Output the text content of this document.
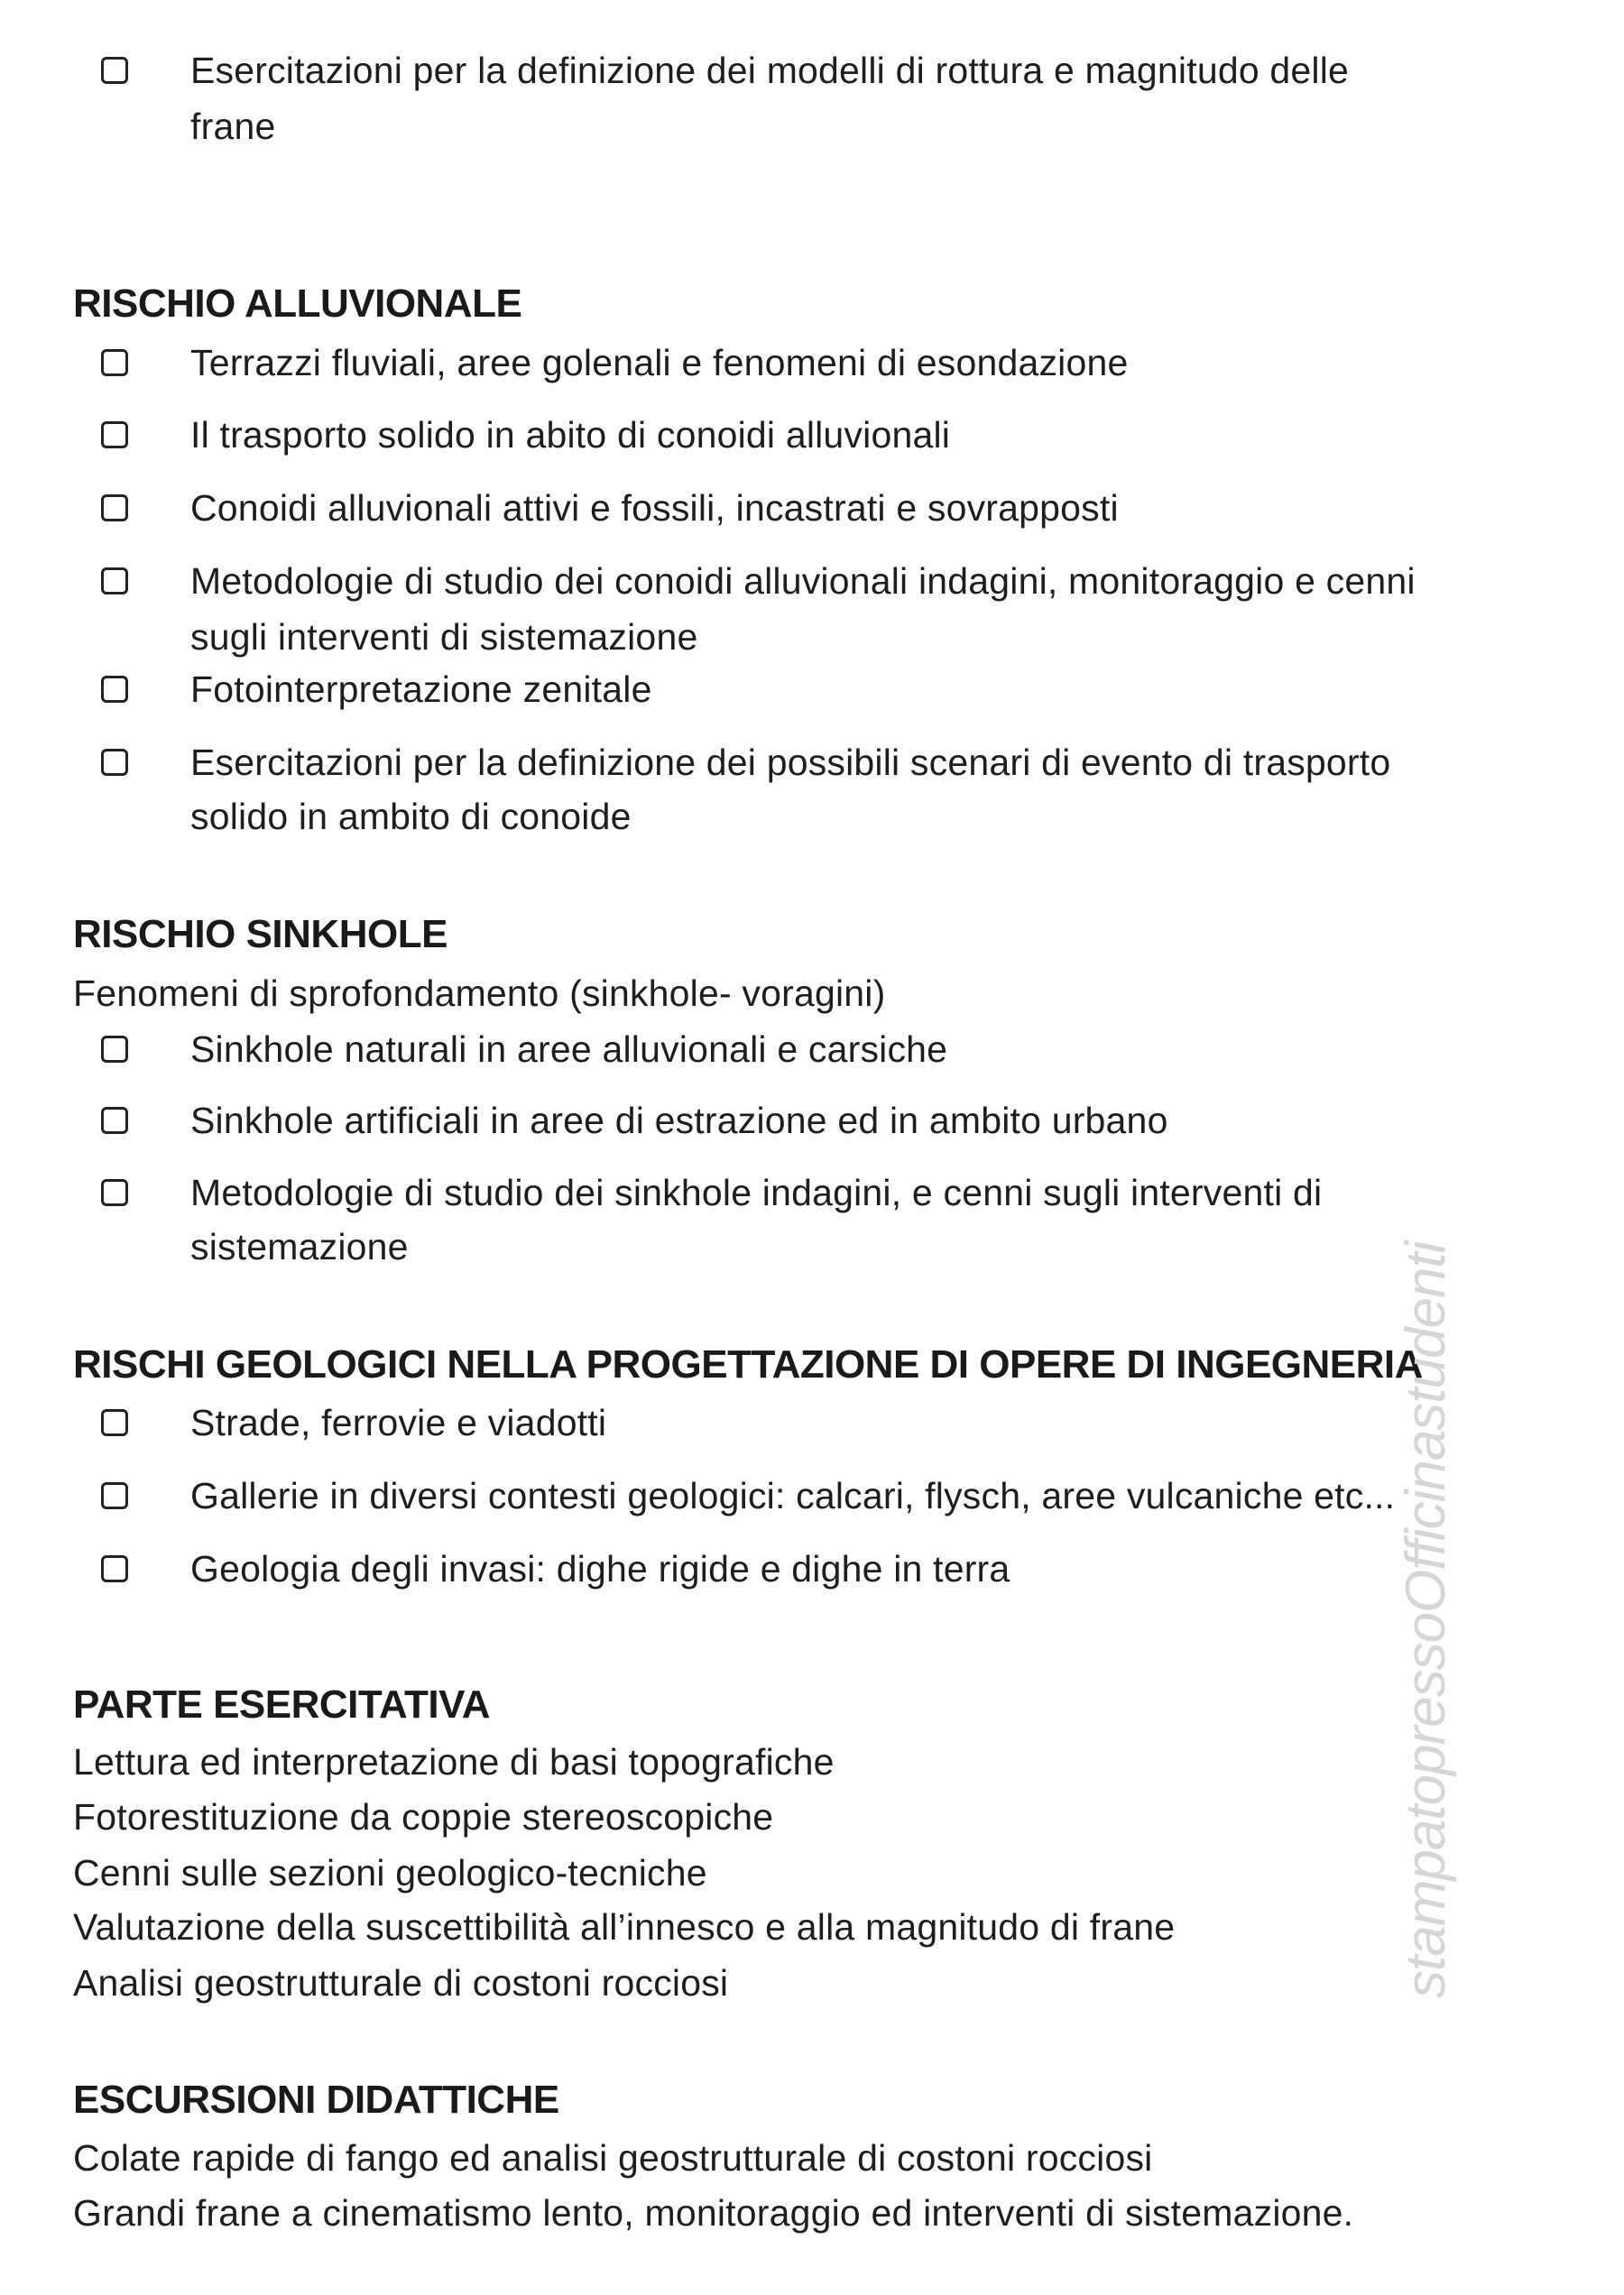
Esercitazioni per la definizione dei modelli di rottura e magnitudo delle
frane
RISCHIO ALLUVIONALE
Terrazzi fluviali, aree golenali e fenomeni di esondazione
Il trasporto solido in abito di conoidi alluvionali
Conoidi alluvionali attivi e fossili, incastrati e sovrapposti
Metodologie di studio dei conoidi alluvionali indagini, monitoraggio e cenni
sugli interventi di sistemazione
Fotointerpretazione zenitale
Esercitazioni per la definizione dei possibili scenari di evento di trasporto
solido in ambito di conoide
RISCHIO SINKHOLE
Fenomeni di sprofondamento (sinkhole- voragini)
Sinkhole naturali in aree alluvionali e carsiche
Sinkhole artificiali in aree di estrazione ed in ambito urbano
Metodologie di studio dei sinkhole indagini, e cenni sugli interventi di
sistemazione
RISCHI GEOLOGICI NELLA PROGETTAZIONE DI OPERE DI INGEGNERIA
Strade, ferrovie e viadotti
Gallerie in diversi contesti geologici: calcari, flysch, aree vulcaniche etc...
Geologia degli invasi: dighe rigide e dighe in terra
PARTE ESERCITATIVA
Lettura ed interpretazione di basi topografiche
Fotorestituzione da coppie stereoscopiche
Cenni sulle sezioni geologico-tecniche
Valutazione della suscettibilità all’innesco e alla magnitudo di frane
Analisi geostrutturale di costoni rocciosi
ESCURSIONI DIDATTICHE
Colate rapide di fango ed analisi geostrutturale di costoni rocciosi
Grandi frane a cinematismo lento, monitoraggio ed interventi di sistemazione.
stampatopressoOfficinastudenti
